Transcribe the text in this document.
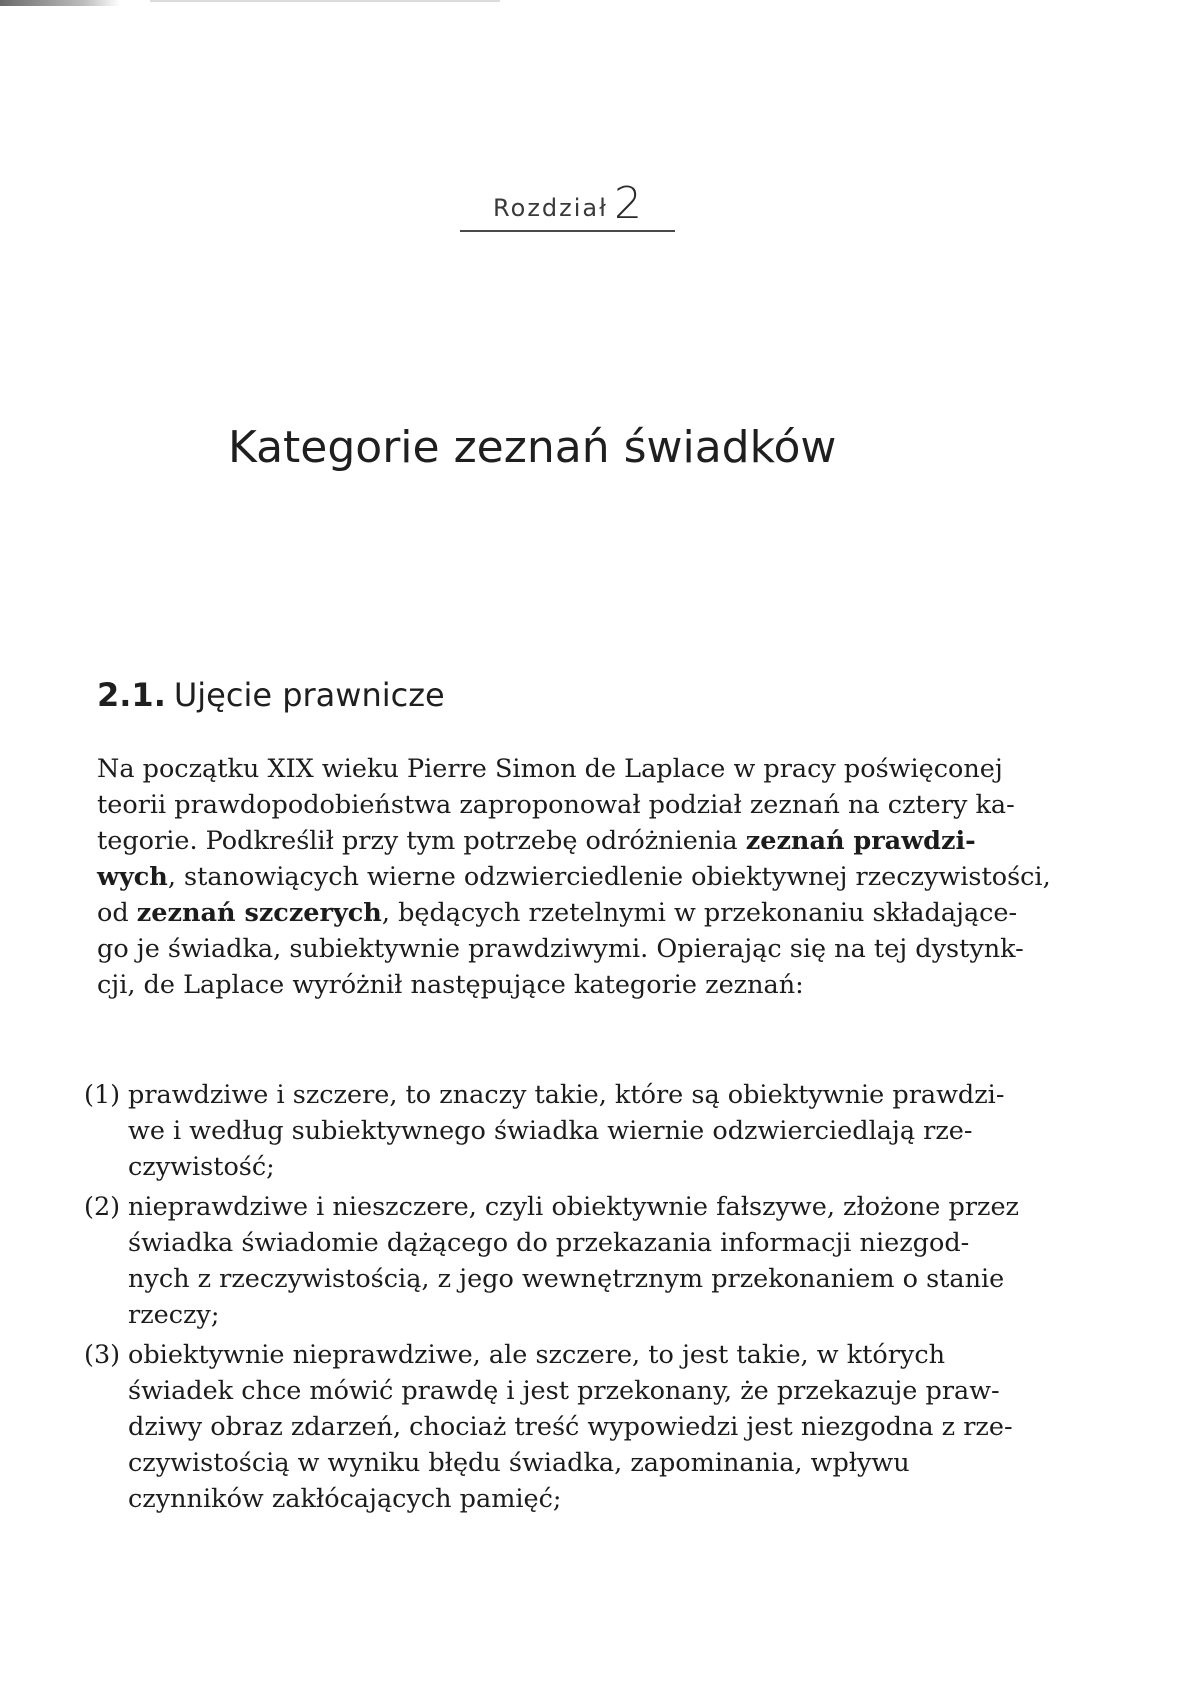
Rozdział 2
Kategorie zeznań świadków
2.1. Ujęcie prawnicze
Na początku XIX wieku Pierre Simon de Laplace w pracy poświęconej
teorii prawdopodobieństwa zaproponował podział zeznań na cztery ka-
tegorie. Podkreślił przy tym potrzebę odróżnienia zeznań prawdzi-
wych, stanowiących wierne odzwierciedlenie obiektywnej rzeczywistości,
od zeznań szczerych, będących rzetelnymi w przekonaniu składające-
go je świadka, subiektywnie prawdziwymi. Opierając się na tej dystynk-
cji, de Laplace wyróżnił następujące kategorie zeznań:
(1) prawdziwe i szczere, to znaczy takie, które są obiektywnie prawdzi-
we i według subiektywnego świadka wiernie odzwierciedlają rze-
czywistość;
(2) nieprawdziwe i nieszczere, czyli obiektywnie fałszywe, złożone przez
świadka świadomie dążącego do przekazania informacji niezgod-
nych z rzeczywistością, z jego wewnętrznym przekonaniem o stanie
rzeczy;
(3) obiektywnie nieprawdziwe, ale szczere, to jest takie, w których
świadek chce mówić prawdę i jest przekonany, że przekazuje praw-
dziwy obraz zdarzeń, chociaż treść wypowiedzi jest niezgodna z rze-
czywistością w wyniku błędu świadka, zapominania, wpływu
czynników zakłócających pamięć;
